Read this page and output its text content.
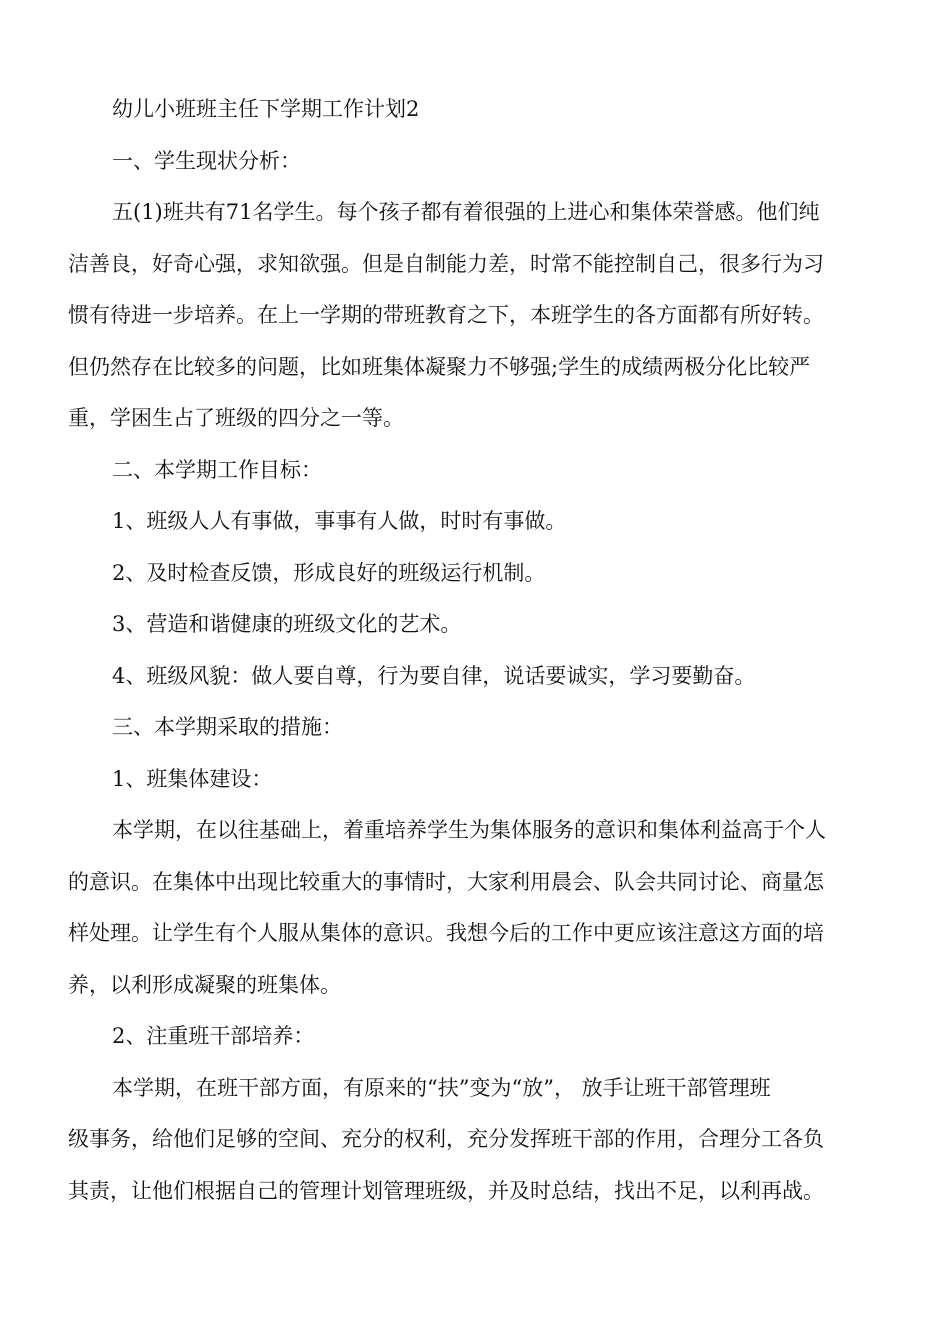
幼儿小班班主任下学期工作计划2
一、学生现状分析：
五(1)班共有71名学生。每个孩子都有着很强的上进心和集体荣誉感。他们纯
洁善良，好奇心强，求知欲强。但是自制能力差，时常不能控制自己，很多行为习
惯有待进一步培养。在上一学期的带班教育之下，本班学生的各方面都有所好转。
但仍然存在比较多的问题，比如班集体凝聚力不够强;学生的成绩两极分化比较严
重，学困生占了班级的四分之一等。
二、本学期工作目标：
1、班级人人有事做，事事有人做，时时有事做。
2、及时检查反馈，形成良好的班级运行机制。
3、营造和谐健康的班级文化的艺术。
4、班级风貌：做人要自尊，行为要自律，说话要诚实，学习要勤奋。
三、本学期采取的措施：
1、班集体建设：
本学期，在以往基础上，着重培养学生为集体服务的意识和集体利益高于个人
的意识。在集体中出现比较重大的事情时，大家利用晨会、队会共同讨论、商量怎
样处理。让学生有个人服从集体的意识。我想今后的工作中更应该注意这方面的培
养，以利形成凝聚的班集体。
2、注重班干部培养：
本学期，在班干部方面，有原来的“扶”变为“放”， 放手让班干部管理班
级事务，给他们足够的空间、充分的权利，充分发挥班干部的作用，合理分工各负
其责，让他们根据自己的管理计划管理班级，并及时总结，找出不足，以利再战。
